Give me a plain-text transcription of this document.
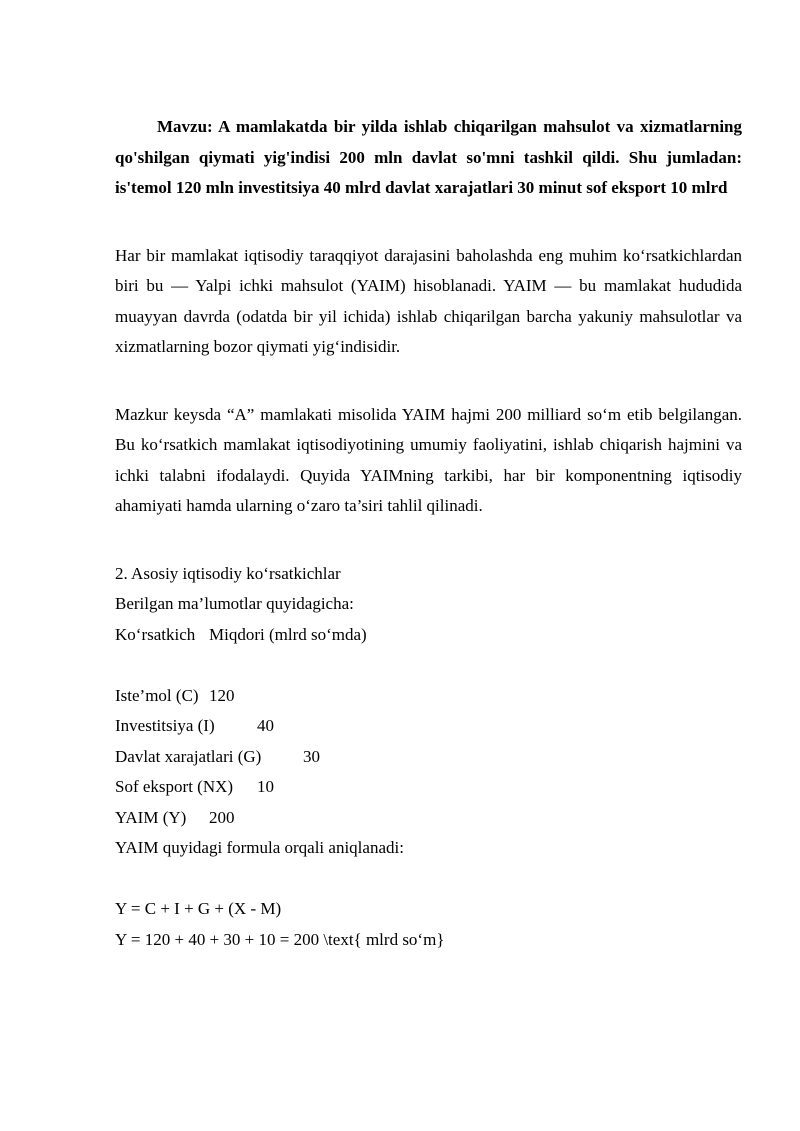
Mavzu: A mamlakatda bir yilda ishlab chiqarilgan mahsulot va xizmatlarning qo'shilgan qiymati yig'indisi 200 mln davlat so'mni tashkil qildi. Shu jumladan: is'temol 120 mln investitsiya 40 mlrd davlat xarajatlari 30 minut sof eksport 10 mlrd

Har bir mamlakat iqtisodiy taraqqiyot darajasini baholashda eng muhim ko‘rsatkichlardan biri bu — Yalpi ichki mahsulot (YAIM) hisoblanadi. YAIM — bu mamlakat hududida muayyan davrda (odatda bir yil ichida) ishlab chiqarilgan barcha yakuniy mahsulotlar va xizmatlarning bozor qiymati yig‘indisidir.

Mazkur keysda “A” mamlakati misolida YAIM hajmi 200 milliard so‘m etib belgilangan. Bu ko‘rsatkich mamlakat iqtisodiyotining umumiy faoliyatini, ishlab chiqarish hajmini va ichki talabni ifodalaydi. Quyida YAIMning tarkibi, har bir komponentning iqtisodiy ahamiyati hamda ularning o‘zaro ta’siri tahlil qilinadi.

2. Asosiy iqtisodiy ko‘rsatkichlar

Berilgan ma’lumotlar quyidagicha:

Ko‘rsatkich Miqdori (mlrd so‘mda)

Iste’mol (C) 120

Investitsiya (I) 40

Davlat xarajatlari (G) 30

Sof eksport (NX) 10

YAIM (Y) 200

YAIM quyidagi formula orqali aniqlanadi:

Y = C + I + G + (X - M)

Y = 120 + 40 + 30 + 10 = 200 \text{ mlrd so‘m}
